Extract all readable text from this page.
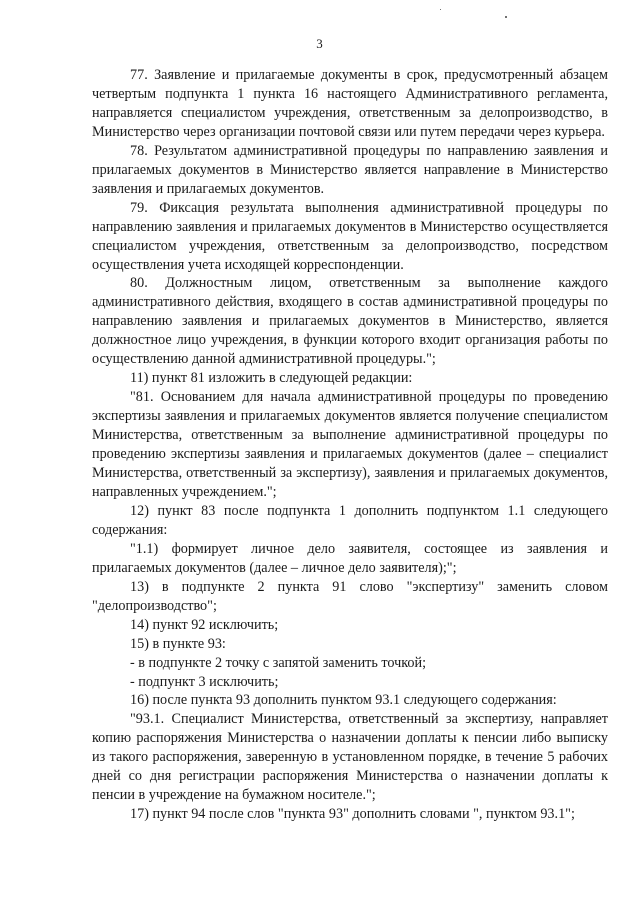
3

77. Заявление и прилагаемые документы в срок, предусмотренный абзацем четвертым подпункта 1 пункта 16 настоящего Административного регламента, направляется специалистом учреждения, ответственным за делопроизводство, в Министерство через организации почтовой связи или путем передачи через курьера.

78. Результатом административной процедуры по направлению заявления и прилагаемых документов в Министерство является направление в Министерство заявления и прилагаемых документов.

79. Фиксация результата выполнения административной процедуры по направлению заявления и прилагаемых документов в Министерство осуществляется специалистом учреждения, ответственным за делопроизводство, посредством осуществления учета исходящей корреспонденции.

80. Должностным лицом, ответственным за выполнение каждого административного действия, входящего в состав административной процедуры по направлению заявления и прилагаемых документов в Министерство, является должностное лицо учреждения, в функции которого входит организация работы по осуществлению данной административной процедуры.";

11) пункт 81 изложить в следующей редакции:

"81. Основанием для начала административной процедуры по проведению экспертизы заявления и прилагаемых документов является получение специалистом Министерства, ответственным за выполнение административной процедуры по проведению экспертизы заявления и прилагаемых документов (далее – специалист Министерства, ответственный за экспертизу), заявления и прилагаемых документов, направленных учреждением.";

12) пункт 83 после подпункта 1 дополнить подпунктом 1.1 следующего содержания:

"1.1) формирует личное дело заявителя, состоящее из заявления и прилагаемых документов (далее – личное дело заявителя);";

13) в подпункте 2 пункта 91 слово "экспертизу" заменить словом "делопроизводство";

14) пункт 92 исключить;

15) в пункте 93:

- в подпункте 2 точку с запятой заменить точкой;

- подпункт 3 исключить;

16) после пункта 93 дополнить пунктом 93.1 следующего содержания:

"93.1. Специалист Министерства, ответственный за экспертизу, направляет копию распоряжения Министерства о назначении доплаты к пенсии либо выписку из такого распоряжения, заверенную в установленном порядке, в течение 5 рабочих дней со дня регистрации распоряжения Министерства о назначении доплаты к пенсии в учреждение на бумажном носителе.";

17) пункт 94 после слов "пункта 93" дополнить словами ", пунктом 93.1";
